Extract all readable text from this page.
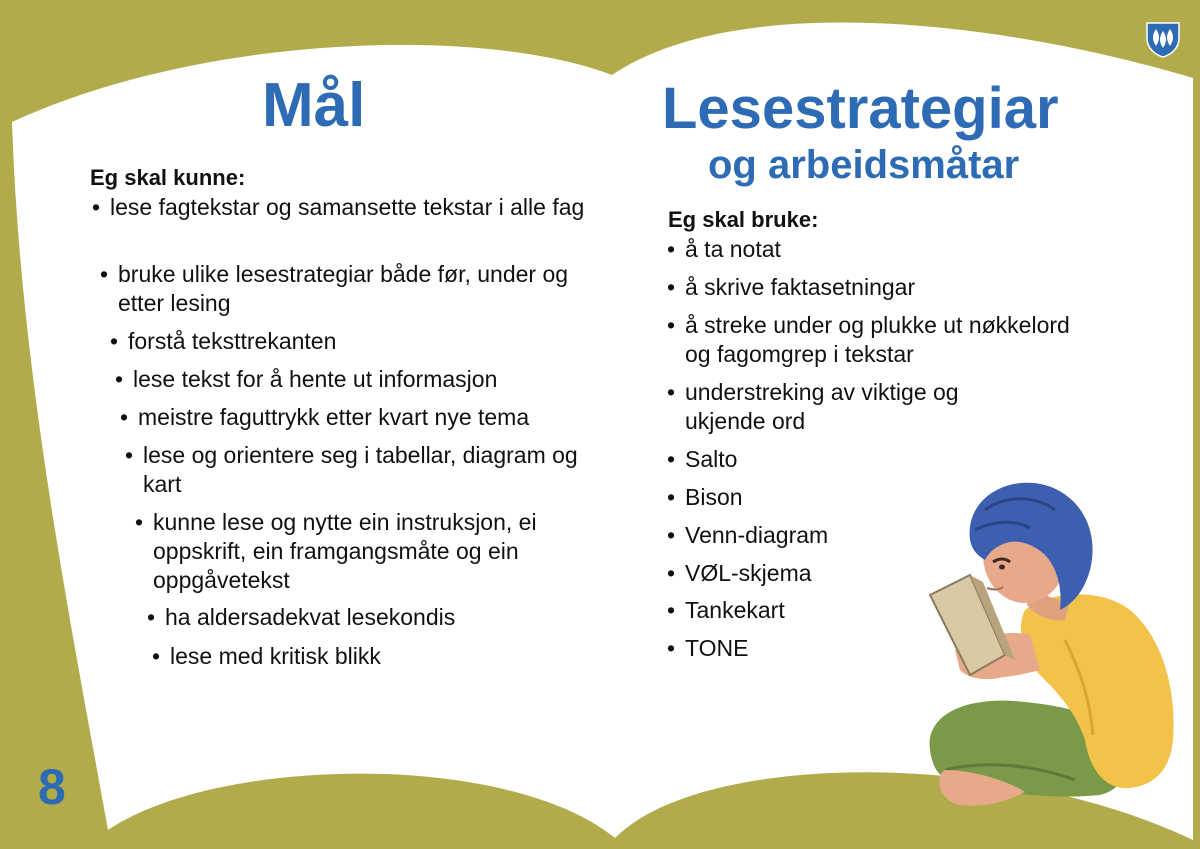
Mål
Eg skal kunne:
• lese fagtekstar og samansette tekstar i alle fag
• bruke ulike lesestrategiar både før, under og etter lesing
• forstå teksttrekanten
• lese tekst for å hente ut informasjon
• meistre faguttrykk etter kvart nye tema
• lese og orientere seg i tabellar, diagram og kart
• kunne lese og nytte ein instruksjon, ei oppskrift, ein framgangsmåte og ein oppgåvetekst
• ha aldersadekvat lesekondis
• lese med kritisk blikk
8
Lesestrategiar
og arbeidsmåtar
Eg skal bruke:
• å ta notat
• å skrive faktasetningar
• å streke under og plukke ut nøkkelord og fagomgrep i tekstar
• understreking av viktige og ukjende ord
• Salto
• Bison
• Venn-diagram
• VØL-skjema
• Tankekart
• TONE
